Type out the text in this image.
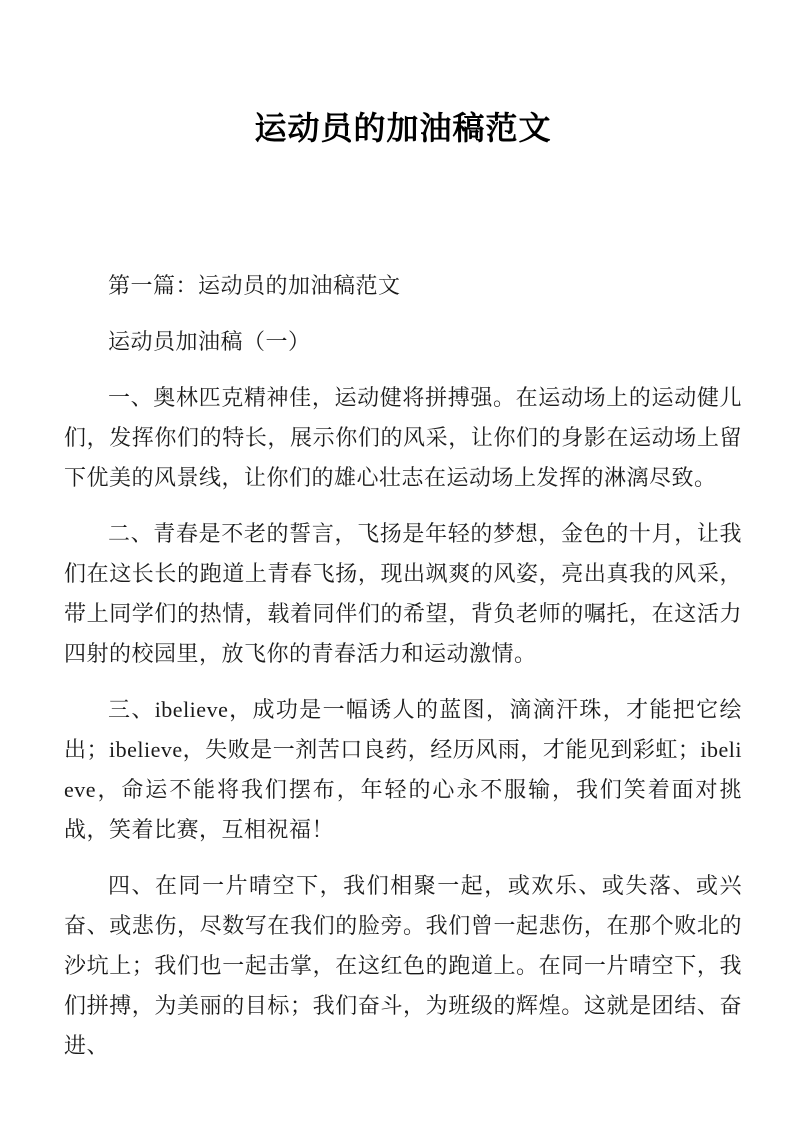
运动员的加油稿范文

第一篇：运动员的加油稿范文

运动员加油稿（一）

一、奥林匹克精神佳，运动健将拼搏强。在运动场上的运动健儿们，发挥你们的特长，展示你们的风采，让你们的身影在运动场上留下优美的风景线，让你们的雄心壮志在运动场上发挥的淋漓尽致。

二、青春是不老的誓言，飞扬是年轻的梦想，金色的十月，让我们在这长长的跑道上青春飞扬，现出飒爽的风姿，亮出真我的风采，带上同学们的热情，载着同伴们的希望，背负老师的嘱托，在这活力四射的校园里，放飞你的青春活力和运动激情。

三、ibelieve，成功是一幅诱人的蓝图，滴滴汗珠，才能把它绘出；ibelieve，失败是一剂苦口良药，经历风雨，才能见到彩虹；ibelieve，命运不能将我们摆布，年轻的心永不服输，我们笑着面对挑战，笑着比赛，互相祝福！

四、在同一片晴空下，我们相聚一起，或欢乐、或失落、或兴奋、或悲伤，尽数写在我们的脸旁。我们曾一起悲伤，在那个败北的沙坑上；我们也一起击掌，在这红色的跑道上。在同一片晴空下，我们拼搏，为美丽的目标；我们奋斗，为班级的辉煌。这就是团结、奋进、
